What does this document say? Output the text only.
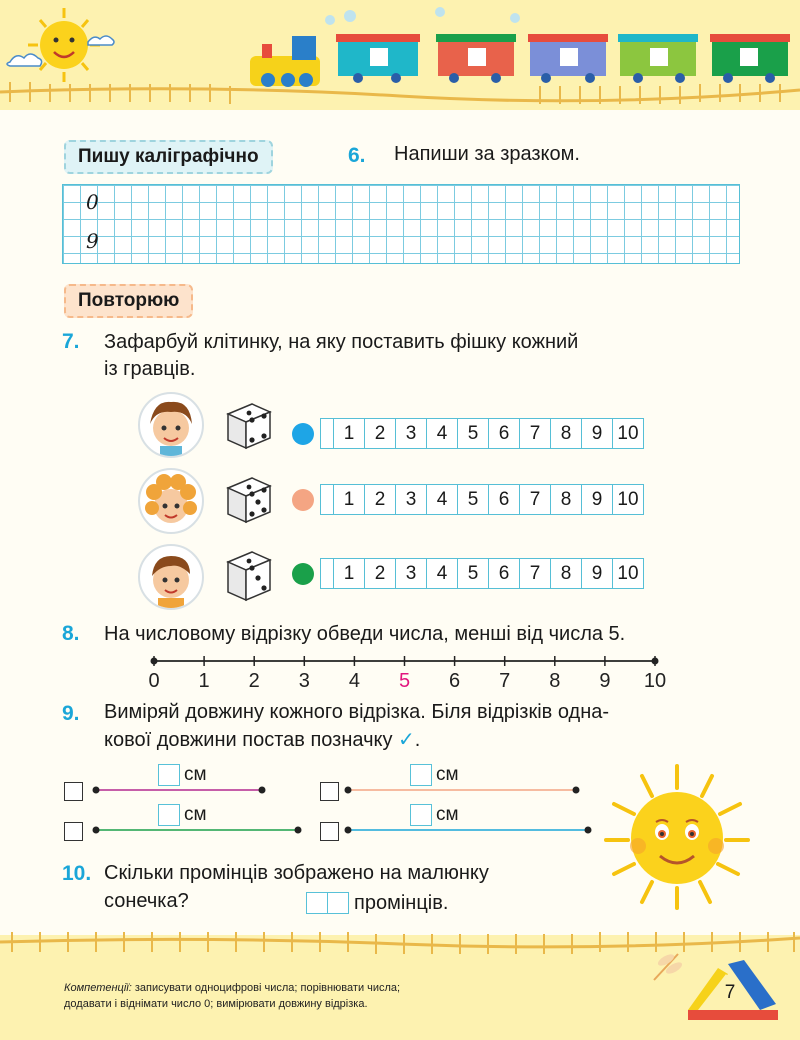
Пишу каліграфічно	6. Напиши за зразком.
0
9
Повторюю
7. Зафарбуй клітинку, на яку поставить фішку кожний
із гравців.
1	2	3	4	5	6	7	8	9 10
1	2	3	4	5	6	7	8	9 10
1	2	3	4	5	6	7	8	9 10
8. На числовому відрізку обведи числа, менші від числа 5.
0 1 2 3 4 5 6 7 8 9 10
9. Виміряй довжину кожного відрізка. Біля відрізків одна-
кової довжини постав позначку ✓.
см	см
см	см
10. Скільки промінців зображено на малюнку
сонечка?	промінців.
Компетенції: записувати одноцифрові числа; порівнювати числа;
додавати і віднімати число 0; вимірювати довжину відрізка.
7
